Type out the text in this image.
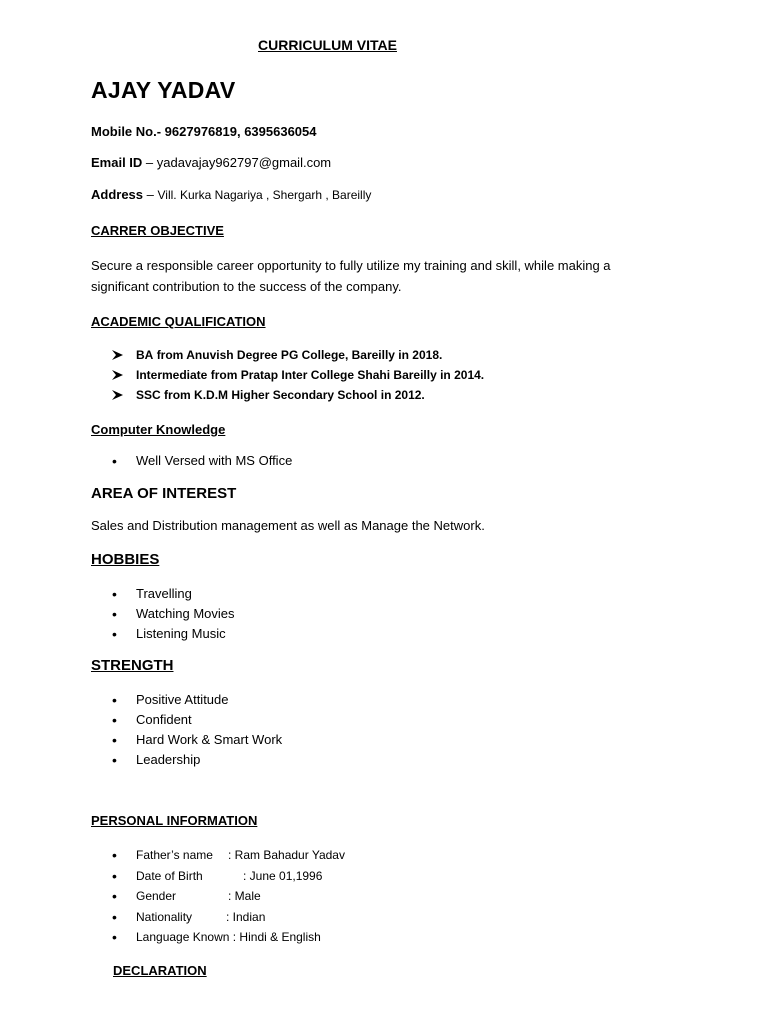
CURRICULUM VITAE
AJAY YADAV
Mobile No.- 9627976819, 6395636054
Email ID – yadavajay962797@gmail.com
Address – Vill. Kurka Nagariya , Shergarh , Bareilly
CARRER OBJECTIVE
Secure a responsible career opportunity to fully utilize my training and skill, while making a
significant contribution to the success of the company.
ACADEMIC QUALIFICATION
BA from Anuvish Degree PG College, Bareilly in 2018.
Intermediate from Pratap Inter College Shahi Bareilly in 2014.
SSC from K.D.M Higher Secondary School in 2012.
Computer Knowledge
•
Well Versed with MS Office
AREA OF INTEREST
Sales and Distribution management as well as Manage the Network.
HOBBIES
•
Travelling
•
Watching Movies
•
Listening Music
STRENGTH
•
Positive Attitude
•
Confident
•
Hard Work & Smart Work
•
Leadership
PERSONAL INFORMATION
•
Father’s name : Ram Bahadur Yadav
•
Date of Birth	: June 01,1996
•
Gender	: Male
•
Nationality	: Indian
•
Language Known : Hindi & English
DECLARATION
